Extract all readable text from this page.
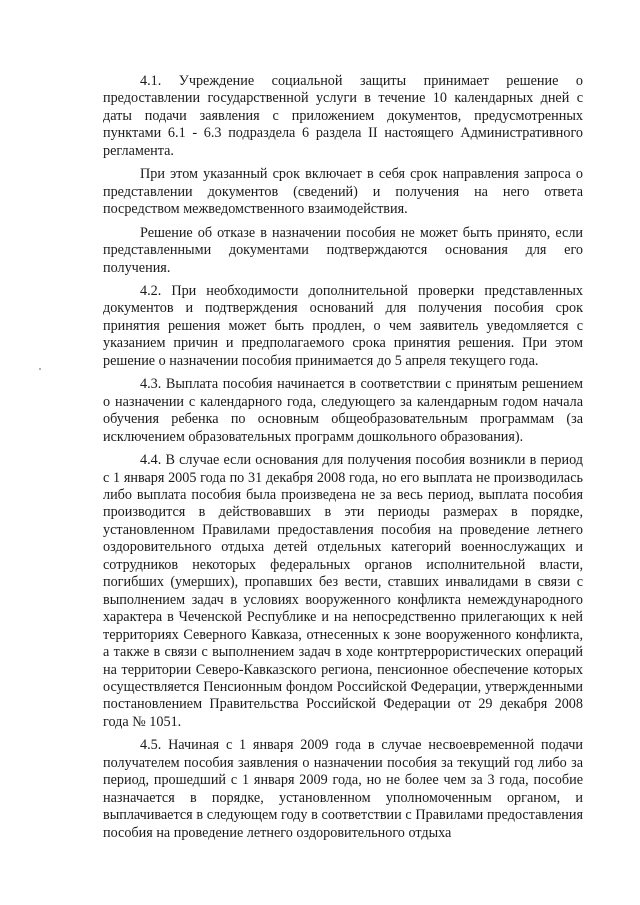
4.1. Учреждение социальной защиты принимает решение о предоставлении государственной услуги в течение 10 календарных дней с даты подачи заявления с приложением документов, предусмотренных пунктами 6.1 - 6.3 подраздела 6 раздела II настоящего Административного регламента.

При этом указанный срок включает в себя срок направления запроса о представлении документов (сведений) и получения на него ответа посредством межведомственного взаимодействия.

Решение об отказе в назначении пособия не может быть принято, если представленными документами подтверждаются основания для его получения.

4.2. При необходимости дополнительной проверки представленных документов и подтверждения оснований для получения пособия срок принятия решения может быть продлен, о чем заявитель уведомляется с указанием причин и предполагаемого срока принятия решения. При этом решение о назначении пособия принимается до 5 апреля текущего года.

4.3. Выплата пособия начинается в соответствии с принятым решением о назначении с календарного года, следующего за календарным годом начала обучения ребенка по основным общеобразовательным программам (за исключением образовательных программ дошкольного образования).

4.4. В случае если основания для получения пособия возникли в период с 1 января 2005 года по 31 декабря 2008 года, но его выплата не производилась либо выплата пособия была произведена не за весь период, выплата пособия производится в действовавших в эти периоды размерах в порядке, установленном Правилами предоставления пособия на проведение летнего оздоровительного отдыха детей отдельных категорий военнослужащих и сотрудников некоторых федеральных органов исполнительной власти, погибших (умерших), пропавших без вести, ставших инвалидами в связи с выполнением задач в условиях вооруженного конфликта немеждународного характера в Чеченской Республике и на непосредственно прилегающих к ней территориях Северного Кавказа, отнесенных к зоне вооруженного конфликта, а также в связи с выполнением задач в ходе контртеррористических операций на территории Северо-Кавказского региона, пенсионное обеспечение которых осуществляется Пенсионным фондом Российской Федерации, утвержденными постановлением Правительства Российской Федерации от 29 декабря 2008 года № 1051.

4.5. Начиная с 1 января 2009 года в случае несвоевременной подачи получателем пособия заявления о назначении пособия за текущий год либо за период, прошедший с 1 января 2009 года, но не более чем за 3 года, пособие назначается в порядке, установленном уполномоченным органом, и выплачивается в следующем году в соответствии с Правилами предоставления пособия на проведение летнего оздоровительного отдыха
